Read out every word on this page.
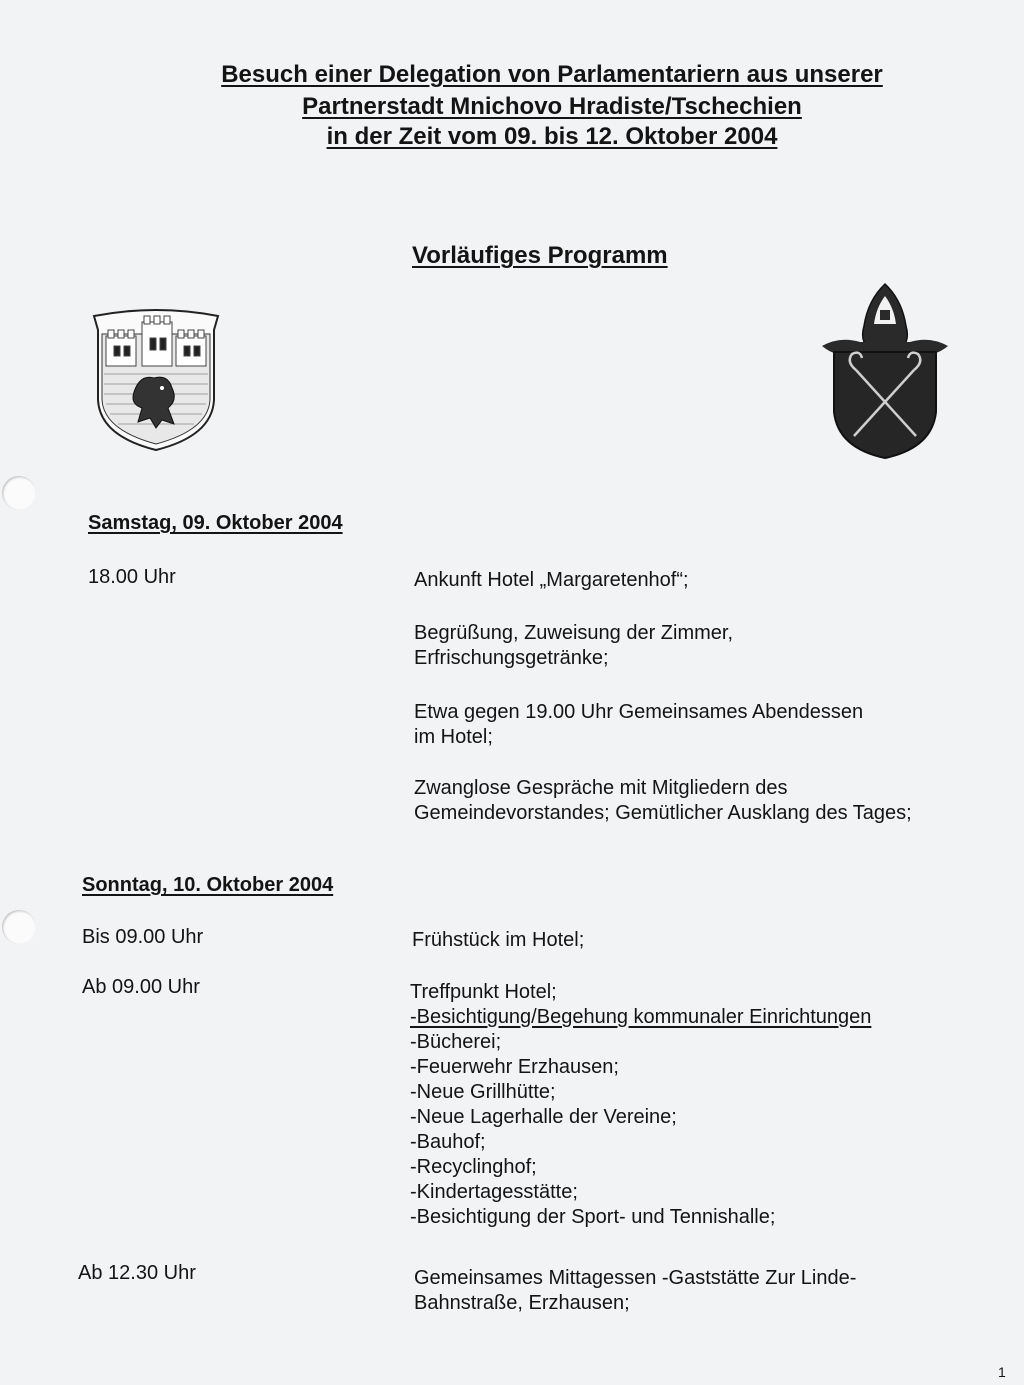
Besuch einer Delegation von Parlamentariern aus unserer
Partnerstadt Mnichovo Hradiste/Tschechien
in der Zeit vom 09. bis 12. Oktober 2004
Vorläufiges Programm
Samstag, 09. Oktober 2004
18.00 Uhr	Ankunft Hotel „Margaretenhof“;
Begrüßung, Zuweisung der Zimmer,
Erfrischungsgetränke;
Etwa gegen 19.00 Uhr Gemeinsames Abendessen
im Hotel;
Zwanglose Gespräche mit Mitgliedern des
Gemeindevorstandes; Gemütlicher Ausklang des Tages;
Sonntag, 10. Oktober 2004
Bis 09.00 Uhr	Frühstück im Hotel;
Ab 09.00 Uhr	Treffpunkt Hotel;
-Besichtigung/Begehung kommunaler Einrichtungen
-Bücherei;
-Feuerwehr Erzhausen;
-Neue Grillhütte;
-Neue Lagerhalle der Vereine;
-Bauhof;
-Recyclinghof;
-Kindertagesstätte;
-Besichtigung der Sport- und Tennishalle;
Ab 12.30 Uhr	Gemeinsames Mittagessen -Gaststätte Zur Linde-
Bahnstraße, Erzhausen;
1
